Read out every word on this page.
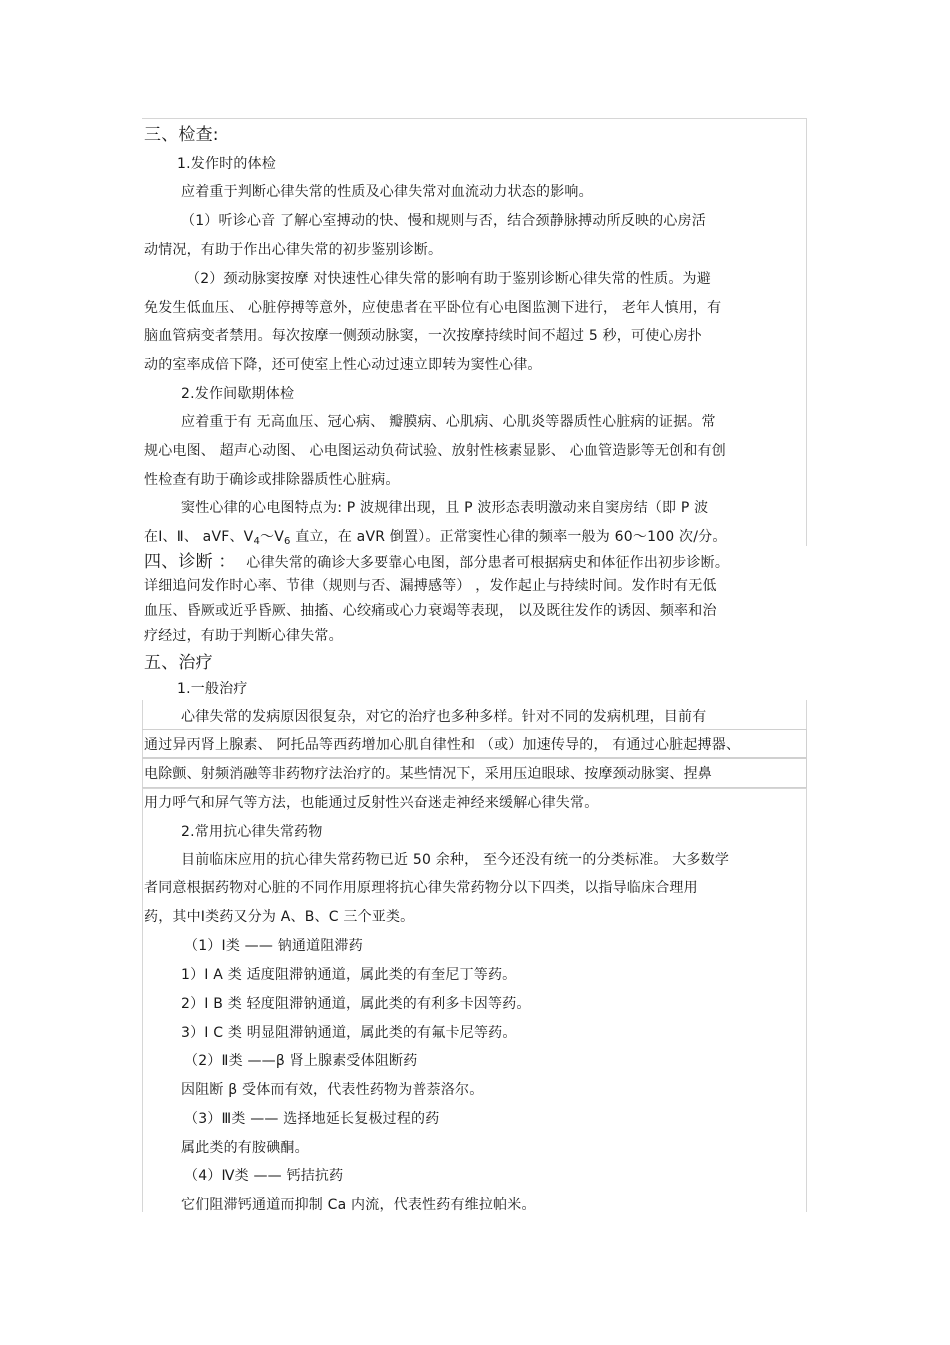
三、检查:
1.发作时的体检
应着重于判断心律失常的性质及心律失常对血流动力状态的影响。
（1）听诊心音 了解心室搏动的快、慢和规则与否，结合颈静脉搏动所反映的心房活
动情况，有助于作出心律失常的初步鉴别诊断。
（2）颈动脉窦按摩 对快速性心律失常的影响有助于鉴别诊断心律失常的性质。为避
免发生低血压、 心脏停搏等意外，应使患者在平卧位有心电图监测下进行， 老年人慎用，有
脑血管病变者禁用。每次按摩一侧颈动脉窦，一次按摩持续时间不超过 5 秒，可使心房扑
动的室率成倍下降，还可使室上性心动过速立即转为窦性心律。
2.发作间歇期体检
应着重于有 无高血压、冠心病、 瓣膜病、心肌病、心肌炎等器质性心脏病的证据。常
规心电图、 超声心动图、 心电图运动负荷试验、放射性核素显影、 心血管造影等无创和有创
性检查有助于确诊或排除器质性心脏病。
窦性心律的心电图特点为: P 波规律出现，且 P 波形态表明激动来自窦房结（即 P 波
在Ⅰ、Ⅱ、 aVF、$V_4\sim V_6$ 直立，在 aVR 倒置）。正常窦性心律的频率一般为 60～100 次/分。
四、诊断 ： 心律失常的确诊大多要靠心电图，部分患者可根据病史和体征作出初步诊断。
详细追问发作时心率、节律（规则与否、漏搏感等） ，发作起止与持续时间。发作时有无低
血压、昏厥或近乎昏厥、抽搐、心绞痛或心力衰竭等表现， 以及既往发作的诱因、频率和治
疗经过，有助于判断心律失常。
五、治疗
1.一般治疗
心律失常的发病原因很复杂，对它的治疗也多种多样。针对不同的发病机理，目前有
通过异丙肾上腺素、 阿托品等西药增加心肌自律性和 （或）加速传导的， 有通过心脏起搏器、
电除颤、射频消融等非药物疗法治疗的。某些情况下，采用压迫眼球、按摩颈动脉窦、捏鼻
用力呼气和屏气等方法，也能通过反射性兴奋迷走神经来缓解心律失常。
2.常用抗心律失常药物
目前临床应用的抗心律失常药物已近 50 余种， 至今还没有统一的分类标准。 大多数学
者同意根据药物对心脏的不同作用原理将抗心律失常药物分以下四类，以指导临床合理用
药，其中Ⅰ类药又分为 A、B、C 三个亚类。
（1）Ⅰ类 —— 钠通道阻滞药
1）Ⅰ A 类 适度阻滞钠通道，属此类的有奎尼丁等药。
2）Ⅰ B 类 轻度阻滞钠通道，属此类的有利多卡因等药。
3）Ⅰ C 类 明显阻滞钠通道，属此类的有氟卡尼等药。
（2）Ⅱ类 ——β 肾上腺素受体阻断药
因阻断 β 受体而有效，代表性药物为普萘洛尔。
（3）Ⅲ类 —— 选择地延长复极过程的药
属此类的有胺碘酮。
（4）Ⅳ类 —— 钙拮抗药
它们阻滞钙通道而抑制 Ca 内流，代表性药有维拉帕米。
